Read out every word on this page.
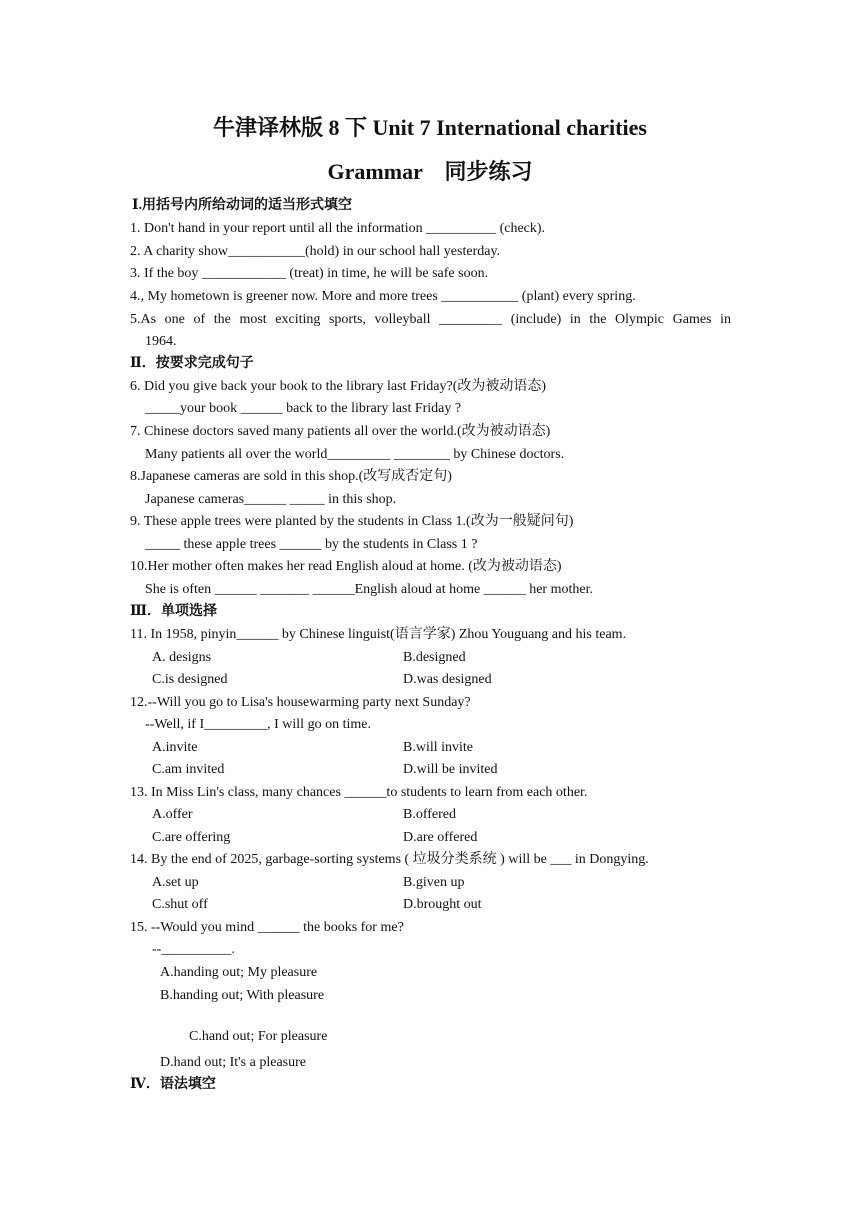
牛津译林版 8 下 Unit 7 International charities
Grammar　同步练习
Ⅰ.用括号内所给动词的适当形式填空
1. Don't hand in your report until all the information __________ (check).
2. A charity show___________(hold) in our school hall yesterday.
3. If the boy ____________ (treat) in time, he will be safe soon.
4., My hometown is greener now. More and more trees ___________ (plant) every spring.
5.As one of the most exciting sports, volleyball _________ (include) in the Olympic Games in
1964.
Ⅱ．按要求完成句子
6. Did you give back your book to the library last Friday?(改为被动语态)
_____your book ______ back to the library last Friday ?
7. Chinese doctors saved many patients all over the world.(改为被动语态)
Many patients all over the world_________ ________ by Chinese doctors.
8.Japanese cameras are sold in this shop.(改写成否定句)
Japanese cameras______ _____ in this shop.
9. These apple trees were planted by the students in Class 1.(改为一般疑问句)
_____ these apple trees ______ by the students in Class 1 ?
10.Her mother often makes her read English aloud at home. (改为被动语态)
She is often ______ _______ ______English aloud at home ______ her mother.
Ⅲ．单项选择
11. In 1958, pinyin______ by Chinese linguist(语言学家) Zhou Youguang and his team.
A. designs	B.designed
C.is designed	D.was designed
12.--Will you go to Lisa's housewarming party next Sunday?
--Well, if I_________, I will go on time.
A.invite	B.will invite
C.am invited	D.will be invited
13. In Miss Lin's class, many chances ______to students to learn from each other.
A.offer	B.offered
C.are offering	D.are offered
14. By the end of 2025, garbage-sorting systems ( 垃圾分类系统 ) will be ___ in Dongying.
A.set up	B.given up
C.shut off	D.brought out
15. --Would you mind ______ the books for me?
--__________.
A.handing out; My pleasure
B.handing out; With pleasure
C.hand out; For pleasure
D.hand out; It's a pleasure
Ⅳ．语法填空
